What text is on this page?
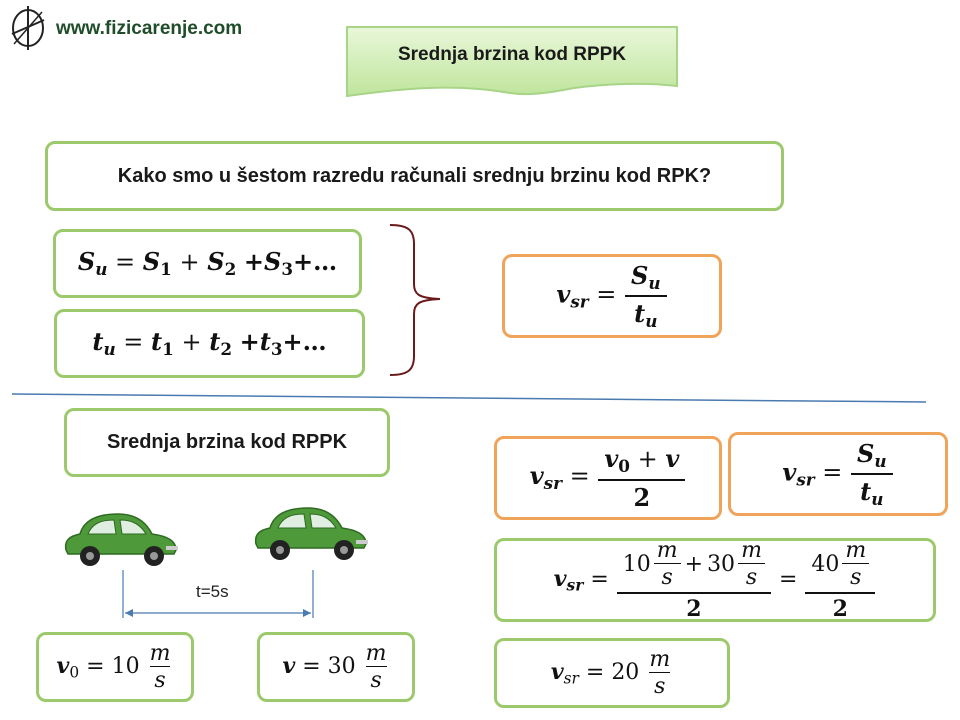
www.fizicarenje.com
Srednja brzina kod RPPK
Kako smo u šestom razredu računali srednju brzinu kod RPK?
$S_u = S_1 + S_2$ $+S_3+\dots$
$t_u = t_1 + t_2$ $+t_3+\dots$
$v_{sr} = \frac{S_u}{t_u}$
Srednja brzina kod RPPK
t=5s
$v_0 = 10 \frac{m}{s}$	$v = 30 \frac{m}{s}$
$v_{sr} = \frac{v_0 + v}{2}$	$v_{sr} = \frac{S_u}{t_u}$
$v_{sr} = 10$
m
s
+ 30
m
s
2 = 40
m
s
2
$v_{sr} = 20 \frac{m}{s}$
